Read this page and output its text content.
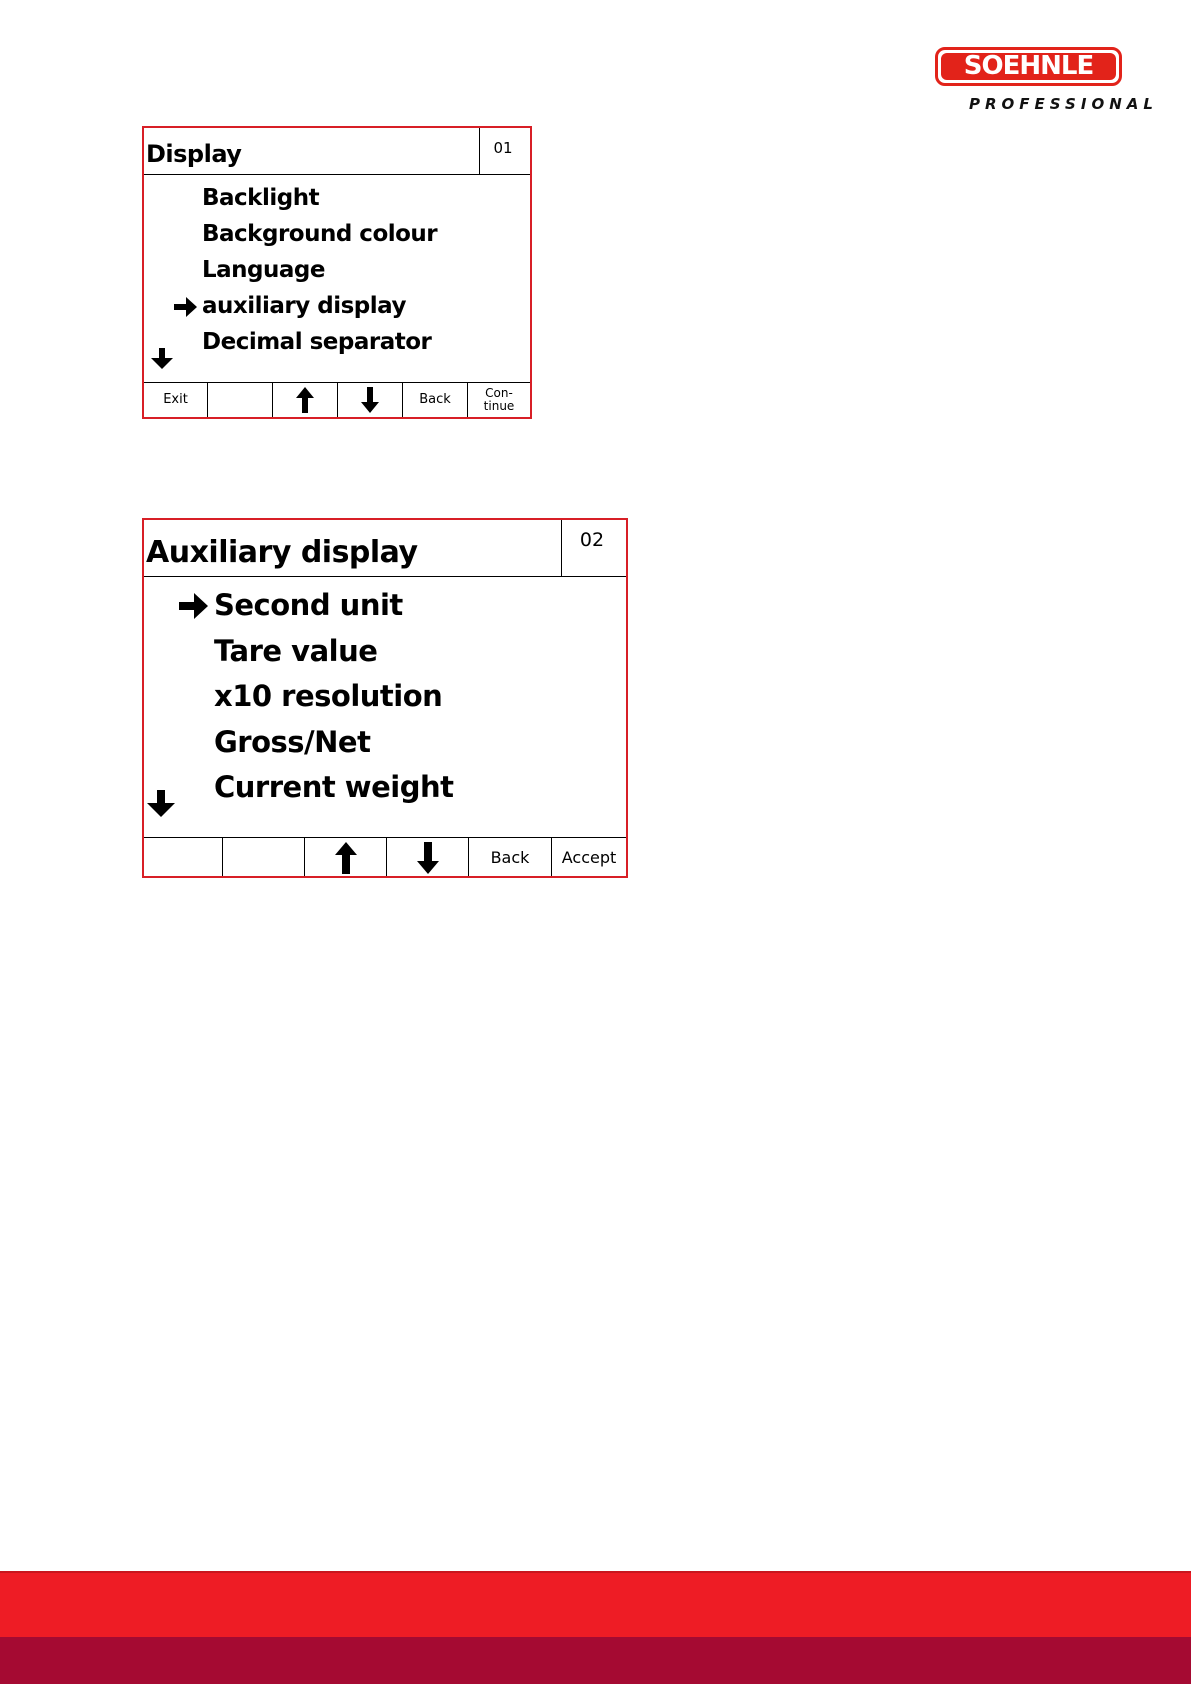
SOEHNLE
PROFESSIONAL
Display	01
Backlight
Background colour
Language
auxiliary display
Decimal separator
Exit	Back	Con-
tinue
Auxiliary display	02
Second unit
Tare value
x10 resolution
Gross/Net
Current weight
Back	Accept
